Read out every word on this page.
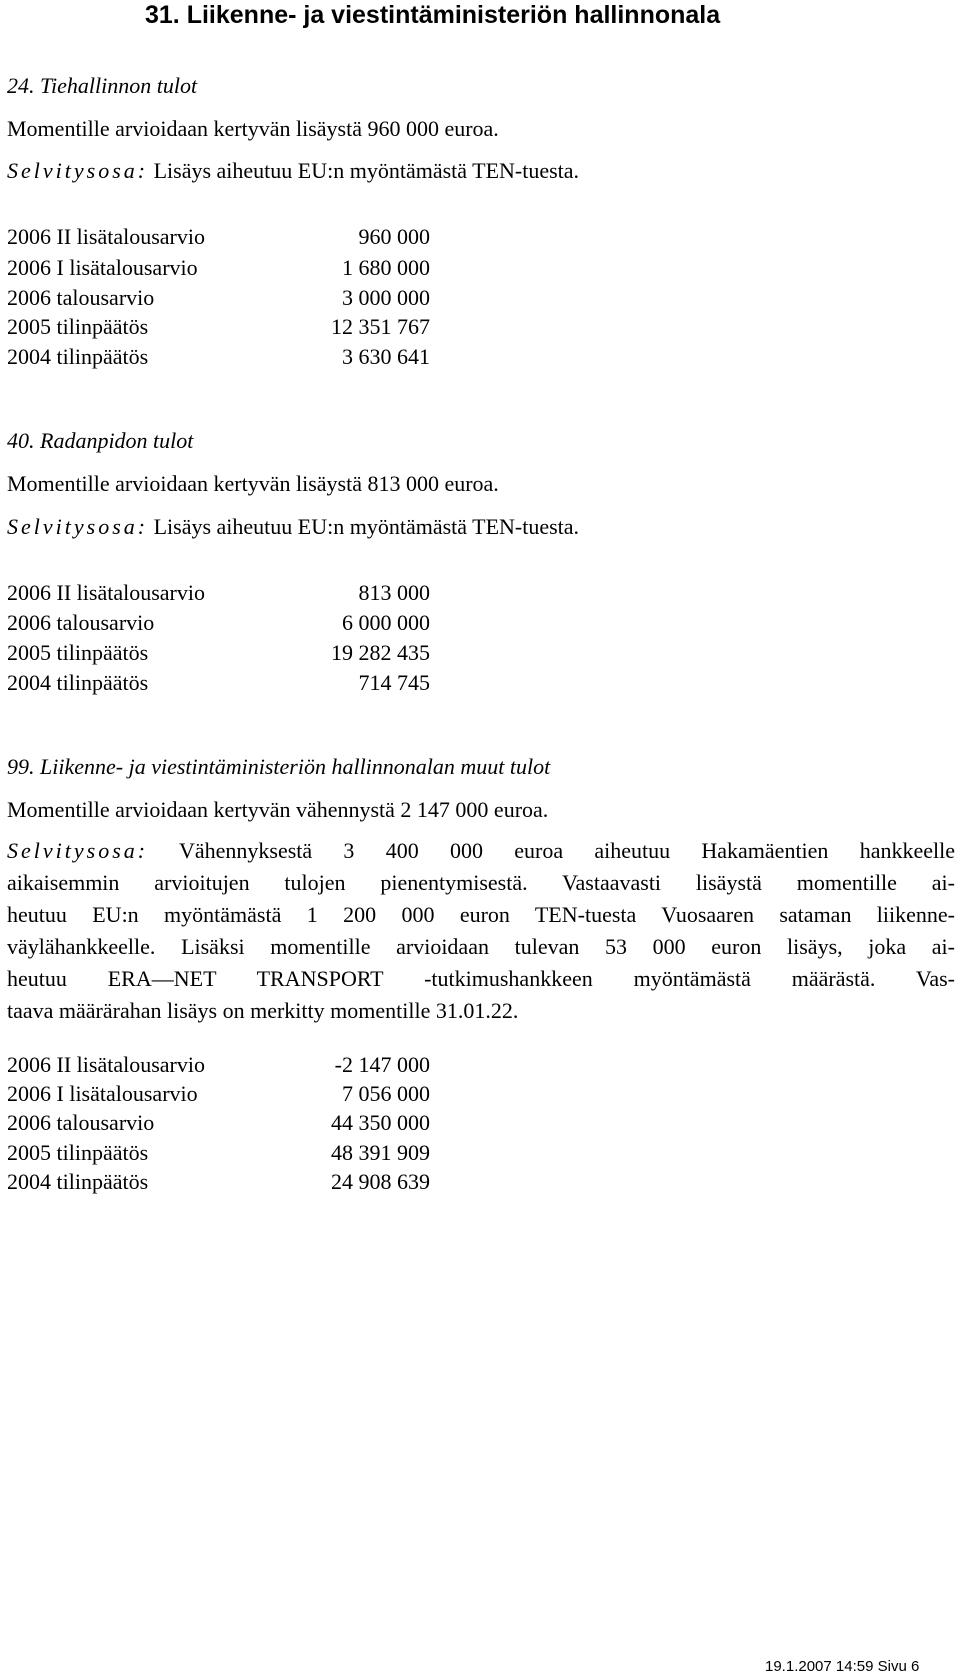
31. Liikenne- ja viestintäministeriön hallinnonala
24. Tiehallinnon tulot
Momentille arvioidaan kertyvän lisäystä 960 000 euroa.
Selvitysosa: Lisäys aiheutuu EU:n myöntämästä TEN-tuesta.
2006 II lisätalousarvio	960 000
2006 I lisätalousarvio	1 680 000
2006 talousarvio	3 000 000
2005 tilinpäätös	12 351 767
2004 tilinpäätös	3 630 641
40. Radanpidon tulot
Momentille arvioidaan kertyvän lisäystä 813 000 euroa.
Selvitysosa: Lisäys aiheutuu EU:n myöntämästä TEN-tuesta.
2006 II lisätalousarvio	813 000
2006 talousarvio	6 000 000
2005 tilinpäätös	19 282 435
2004 tilinpäätös	714 745
99. Liikenne- ja viestintäministeriön hallinnonalan muut tulot
Momentille arvioidaan kertyvän vähennystä 2 147 000 euroa.
Selvitysosa: Vähennyksestä 3 400 000 euroa aiheutuu Hakamäentien hankkeelle
aikaisemmin arvioitujen tulojen pienentymisestä. Vastaavasti lisäystä momentille ai-
heutuu EU:n myöntämästä 1 200 000 euron TEN-tuesta Vuosaaren sataman liikenne-
väylähankkeelle. Lisäksi momentille arvioidaan tulevan 53 000 euron lisäys, joka ai-
heutuu ERA—NET TRANSPORT -tutkimushankkeen myöntämästä määrästä. Vas-
taava määrärahan lisäys on merkitty momentille 31.01.22.
2006 II lisätalousarvio	-2 147 000
2006 I lisätalousarvio	7 056 000
2006 talousarvio	44 350 000
2005 tilinpäätös	48 391 909
2004 tilinpäätös	24 908 639
19.1.2007 14:59 Sivu 6
